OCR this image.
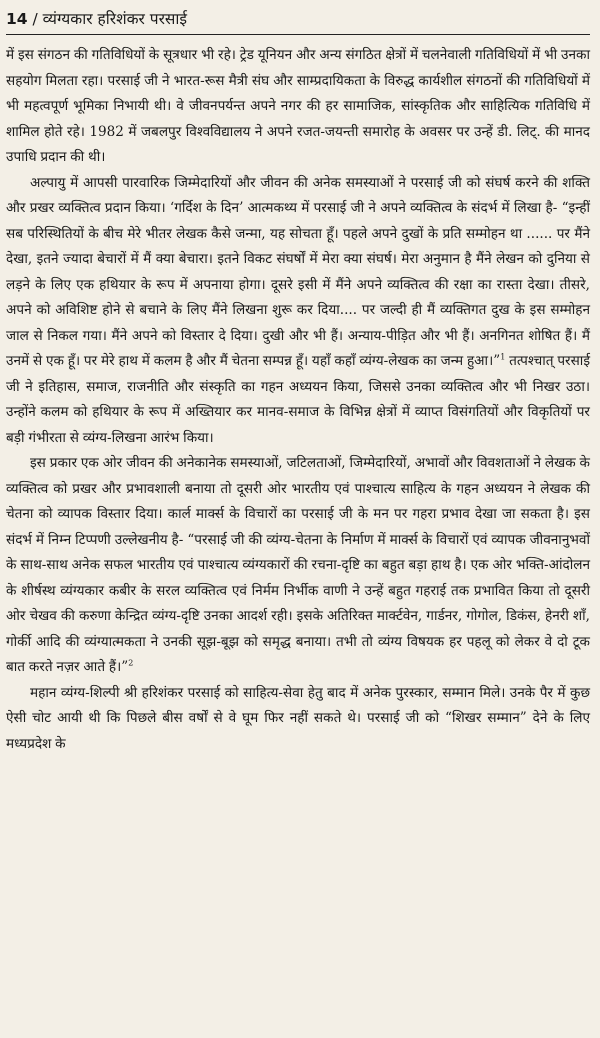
14 / व्यंग्यकार हरिशंकर परसाई

में इस संगठन की गतिविधियों के सूत्रधार भी रहे। ट्रेड यूनियन और अन्य संगठित क्षेत्रों में चलनेवाली गतिविधियों में भी उनका सहयोग मिलता रहा। परसाई जी ने भारत-रूस मैत्री संघ और साम्प्रदायिकता के विरुद्ध कार्यशील संगठनों की गतिविधियों में भी महत्वपूर्ण भूमिका निभायी थी। वे जीवनपर्यन्त अपने नगर की हर सामाजिक, सांस्कृतिक और साहित्यिक गतिविधि में शामिल होते रहे। 1982 में जबलपुर विश्वविद्यालय ने अपने रजत-जयन्ती समारोह के अवसर पर उन्हें डी. लिट्. की मानद उपाधि प्रदान की थी।

अल्पायु में आपसी पारवारिक जिम्मेदारियों और जीवन की अनेक समस्याओं ने परसाई जी को संघर्ष करने की शक्ति और प्रखर व्यक्तित्व प्रदान किया। ‘गर्दिश के दिन’ आत्मकथ्य में परसाई जी ने अपने व्यक्तित्व के संदर्भ में लिखा है- “इन्हीं सब परिस्थितियों के बीच मेरे भीतर लेखक कैसे जन्मा, यह सोचता हूँ। पहले अपने दुखों के प्रति सम्मोहन था ...... पर मैंने देखा, इतने ज्यादा बेचारों में मैं क्या बेचारा। इतने विकट संघर्षों में मेरा क्या संघर्ष। मेरा अनुमान है मैंने लेखन को दुनिया से लड़ने के लिए एक हथियार के रूप में अपनाया होगा। दूसरे इसी में मैंने अपने व्यक्तित्व की रक्षा का रास्ता देखा। तीसरे, अपने को अविशिष्ट होने से बचाने के लिए मैंने लिखना शुरू कर दिया.... पर जल्दी ही मैं व्यक्तिगत दुख के इस सम्मोहन जाल से निकल गया। मैंने अपने को विस्तार दे दिया। दुखी और भी हैं। अन्याय-पीड़ित और भी हैं। अनगिनत शोषित हैं। मैं उनमें से एक हूँ। पर मेरे हाथ में कलम है और मैं चेतना सम्पन्न हूँ। यहाँ कहाँ व्यंग्य-लेखक का जन्म हुआ।”$^1$ तत्पश्चात् परसाई जी ने इतिहास, समाज, राजनीति और संस्कृति का गहन अध्ययन किया, जिससे उनका व्यक्तित्व और भी निखर उठा। उन्होंने कलम को हथियार के रूप में अख्तियार कर मानव-समाज के विभिन्न क्षेत्रों में व्याप्त विसंगतियों और विकृतियों पर बड़ी गंभीरता से व्यंग्य-लिखना आरंभ किया।

इस प्रकार एक ओर जीवन की अनेकानेक समस्याओं, जटिलताओं, जिम्मेदारियों, अभावों और विवशताओं ने लेखक के व्यक्तित्व को प्रखर और प्रभावशाली बनाया तो दूसरी ओर भारतीय एवं पाश्चात्य साहित्य के गहन अध्ययन ने लेखक की चेतना को व्यापक विस्तार दिया। कार्ल मार्क्स के विचारों का परसाई जी के मन पर गहरा प्रभाव देखा जा सकता है। इस संदर्भ में निम्न टिप्पणी उल्लेखनीय है- “परसाई जी की व्यंग्य-चेतना के निर्माण में मार्क्स के विचारों एवं व्यापक जीवनानुभवों के साथ-साथ अनेक सफल भारतीय एवं पाश्चात्य व्यंग्यकारों की रचना-दृष्टि का बहुत बड़ा हाथ है। एक ओर भक्ति-आंदोलन के शीर्षस्थ व्यंग्यकार कबीर के सरल व्यक्तित्व एवं निर्मम निर्भीक वाणी ने उन्हें बहुत गहराई तक प्रभावित किया तो दूसरी ओर चेखव की करुणा केन्द्रित व्यंग्य-दृष्टि उनका आदर्श रही। इसके अतिरिक्त मार्क्टवेन, गार्डनर, गोगोल, डिकंस, हेनरी शाँ, गोर्की आदि की व्यंग्यात्मकता ने उनकी सूझ-बूझ को समृद्ध बनाया। तभी तो व्यंग्य विषयक हर पहलू को लेकर वे दो टूक बात करते नज़र आते हैं।”$^2$

महान व्यंग्य-शिल्पी श्री हरिशंकर परसाई को साहित्य-सेवा हेतु बाद में अनेक पुरस्कार, सम्मान मिले। उनके पैर में कुछ ऐसी चोट आयी थी कि पिछले बीस वर्षों से वे घूम फिर नहीं सकते थे। परसाई जी को “शिखर सम्मान” देने के लिए मध्यप्रदेश के
